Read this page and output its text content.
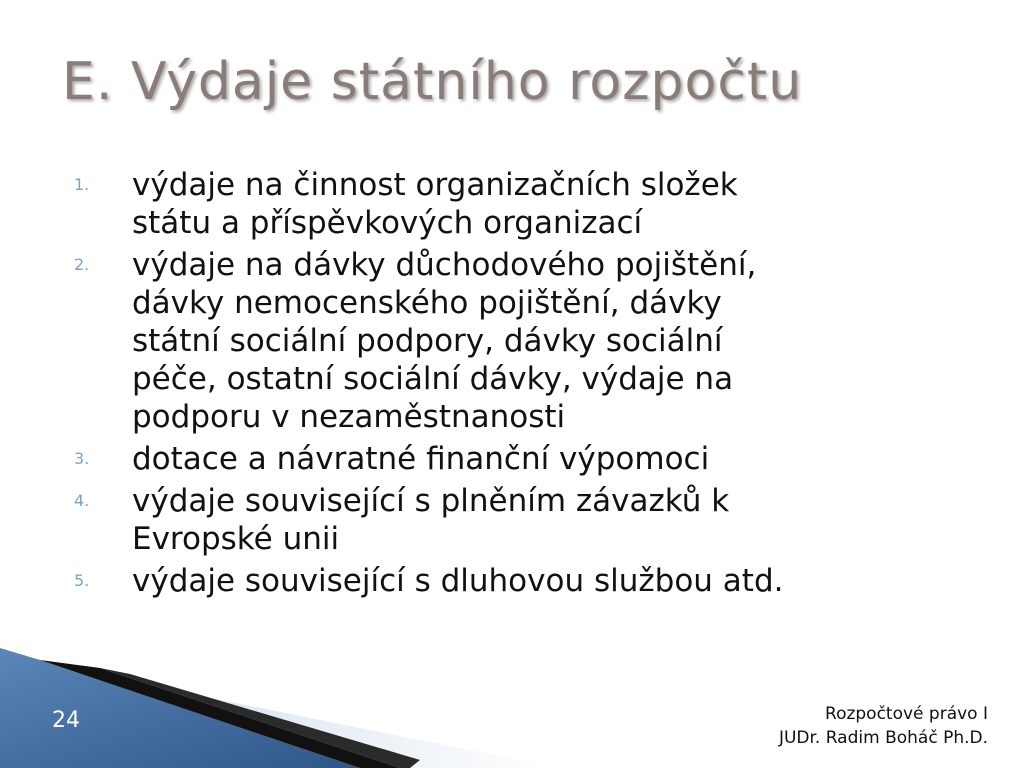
E. Výdaje státního rozpočtu
1. výdaje na činnost organizačních složek
státu a příspěvkových organizací
2. výdaje na dávky důchodového pojištění,
dávky nemocenského pojištění, dávky
státní sociální podpory, dávky sociální
péče, ostatní sociální dávky, výdaje na
podporu v nezaměstnanosti
3. dotace a návratné finanční výpomoci
4. výdaje související s plněním závazků k
Evropské unii
5. výdaje související s dluhovou službou atd.
24	Rozpočtové právo I
JUDr. Radim Boháč Ph.D.
